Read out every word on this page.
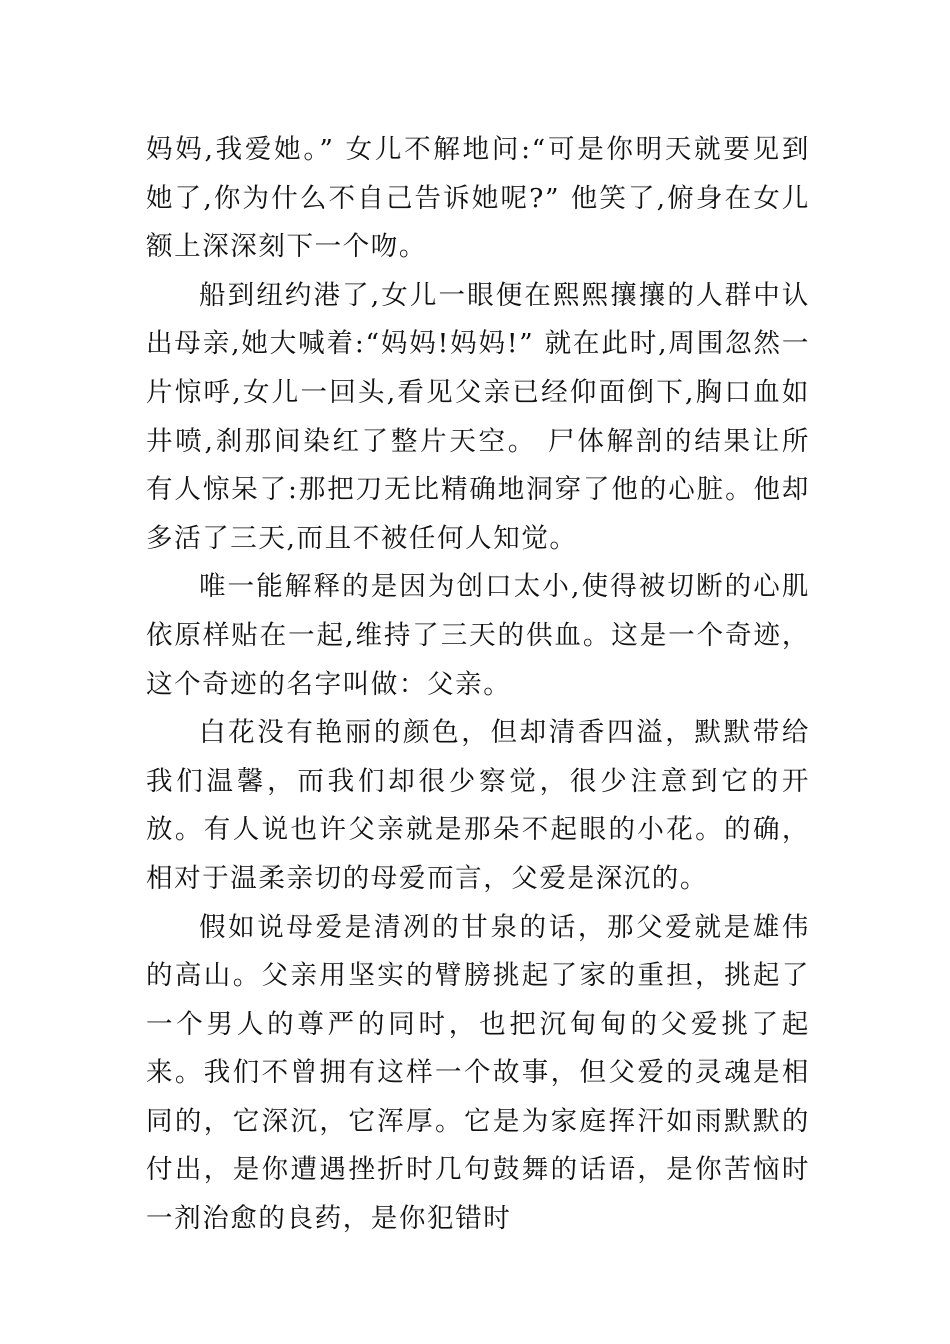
妈妈,我爱她。” 女儿不解地问:“可是你明天就要见到她了,你为什么不自己告诉她呢?” 他笑了,俯身在女儿额上深深刻下一个吻。

船到纽约港了,女儿一眼便在熙熙攘攘的人群中认出母亲,她大喊着:“妈妈!妈妈!” 就在此时,周围忽然一片惊呼,女儿一回头,看见父亲已经仰面倒下,胸口血如井喷,刹那间染红了整片天空。 尸体解剖的结果让所有人惊呆了:那把刀无比精确地洞穿了他的心脏。他却多活了三天,而且不被任何人知觉。

唯一能解释的是因为创口太小,使得被切断的心肌依原样贴在一起,维持了三天的供血。这是一个奇迹，这个奇迹的名字叫做：父亲。

白花没有艳丽的颜色，但却清香四溢，默默带给我们温馨，而我们却很少察觉，很少注意到它的开放。有人说也许父亲就是那朵不起眼的小花。的确，相对于温柔亲切的母爱而言，父爱是深沉的。

假如说母爱是清冽的甘泉的话，那父爱就是雄伟的高山。父亲用坚实的臂膀挑起了家的重担，挑起了一个男人的尊严的同时，也把沉甸甸的父爱挑了起来。我们不曾拥有这样一个故事，但父爱的灵魂是相同的，它深沉，它浑厚。它是为家庭挥汗如雨默默的付出，是你遭遇挫折时几句鼓舞的话语，是你苦恼时一剂治愈的良药，是你犯错时
